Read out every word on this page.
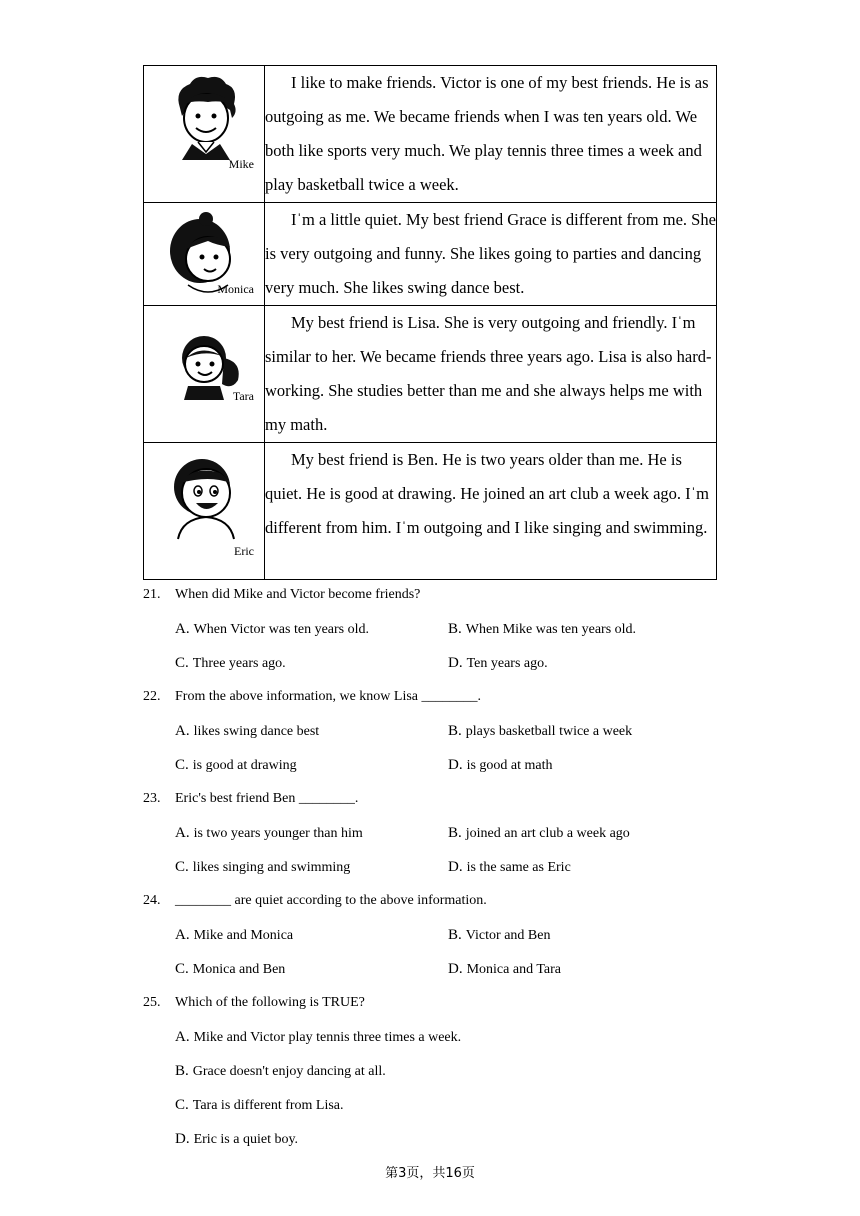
Mike	I like to make friends. Victor is one of my best friends. He is as outgoing as me. We became friends when I was ten years old. We both like sports very much. We play tennis three times a week and play basketball twice a week.

Monica	Iˈm a little quiet. My best friend Grace is different from me. She is very outgoing and funny. She likes going to parties and dancing very much. She likes swing dance best.

Tara	My best friend is Lisa. She is very outgoing and friendly. Iˈm similar to her. We became friends three years ago. Lisa is also hard-working. She studies better than me and she always helps me with my math.

Eric	My best friend is Ben. He is two years older than me. He is quiet. He is good at drawing. He joined an art club a week ago. Iˈm different from him. Iˈm outgoing and I like singing and swimming.

21. When did Mike and Victor become friends?
A. When Victor was ten years old.	B. When Mike was ten years old.
C. Three years ago.	D. Ten years ago.
22. From the above information, we know Lisa ________.
A. likes swing dance best	B. plays basketball twice a week
C. is good at drawing	D. is good at math
23. Eric's best friend Ben ________.
A. is two years younger than him	B. joined an art club a week ago
C. likes singing and swimming	D. is the same as Eric
24. ________ are quiet according to the above information.
A. Mike and Monica	B. Victor and Ben
C. Monica and Ben	D. Monica and Tara
25. Which of the following is TRUE?
A. Mike and Victor play tennis three times a week.
B. Grace doesn't enjoy dancing at all.
C. Tara is different from Lisa.
D. Eric is a quiet boy.
第3页，共16页
